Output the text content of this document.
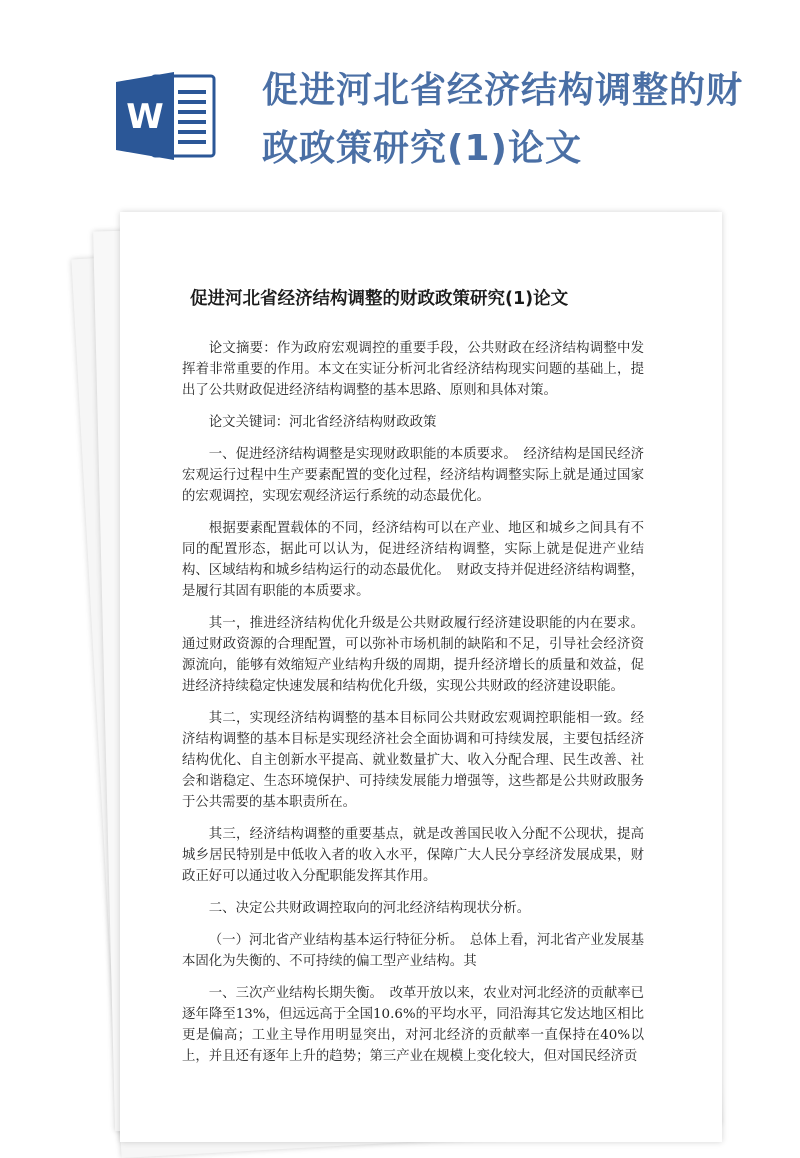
W
促进河北省经济结构调整的财政政策研究(1)论文
促进河北省经济结构调整的财政政策研究(1)论文

论文摘要：作为政府宏观调控的重要手段，公共财政在经济结构调整中发挥着非常重要的作用。本文在实证分析河北省经济结构现实问题的基础上，提出了公共财政促进经济结构调整的基本思路、原则和具体对策。

论文关键词：河北省经济结构财政政策

一、促进经济结构调整是实现财政职能的本质要求。　经济结构是国民经济宏观运行过程中生产要素配置的变化过程，经济结构调整实际上就是通过国家的宏观调控，实现宏观经济运行系统的动态最优化。

根据要素配置载体的不同，经济结构可以在产业、地区和城乡之间具有不同的配置形态，据此可以认为，促进经济结构调整，实际上就是促进产业结构、区域结构和城乡结构运行的动态最优化。　财政支持并促进经济结构调整，是履行其固有职能的本质要求。

其一，推进经济结构优化升级是公共财政履行经济建设职能的内在要求。通过财政资源的合理配置，可以弥补市场机制的缺陷和不足，引导社会经济资源流向，能够有效缩短产业结构升级的周期，提升经济增长的质量和效益，促进经济持续稳定快速发展和结构优化升级，实现公共财政的经济建设职能。

其二，实现经济结构调整的基本目标同公共财政宏观调控职能相一致。经济结构调整的基本目标是实现经济社会全面协调和可持续发展，主要包括经济结构优化、自主创新水平提高、就业数量扩大、收入分配合理、民生改善、社会和谐稳定、生态环境保护、可持续发展能力增强等，这些都是公共财政服务于公共需要的基本职责所在。

其三，经济结构调整的重要基点，就是改善国民收入分配不公现状，提高城乡居民特别是中低收入者的收入水平，保障广大人民分享经济发展成果，财政正好可以通过收入分配职能发挥其作用。

二、决定公共财政调控取向的河北经济结构现状分析。

（一）河北省产业结构基本运行特征分析。　总体上看，河北省产业发展基本固化为失衡的、不可持续的偏工型产业结构。其

一、三次产业结构长期失衡。　改革开放以来，农业对河北经济的贡献率已逐年降至13%，但远远高于全国10.6%的平均水平，同沿海其它发达地区相比更是偏高；工业主导作用明显突出，对河北经济的贡献率一直保持在40%以上，并且还有逐年上升的趋势；第三产业在规模上变化较大，但对国民经济贡
